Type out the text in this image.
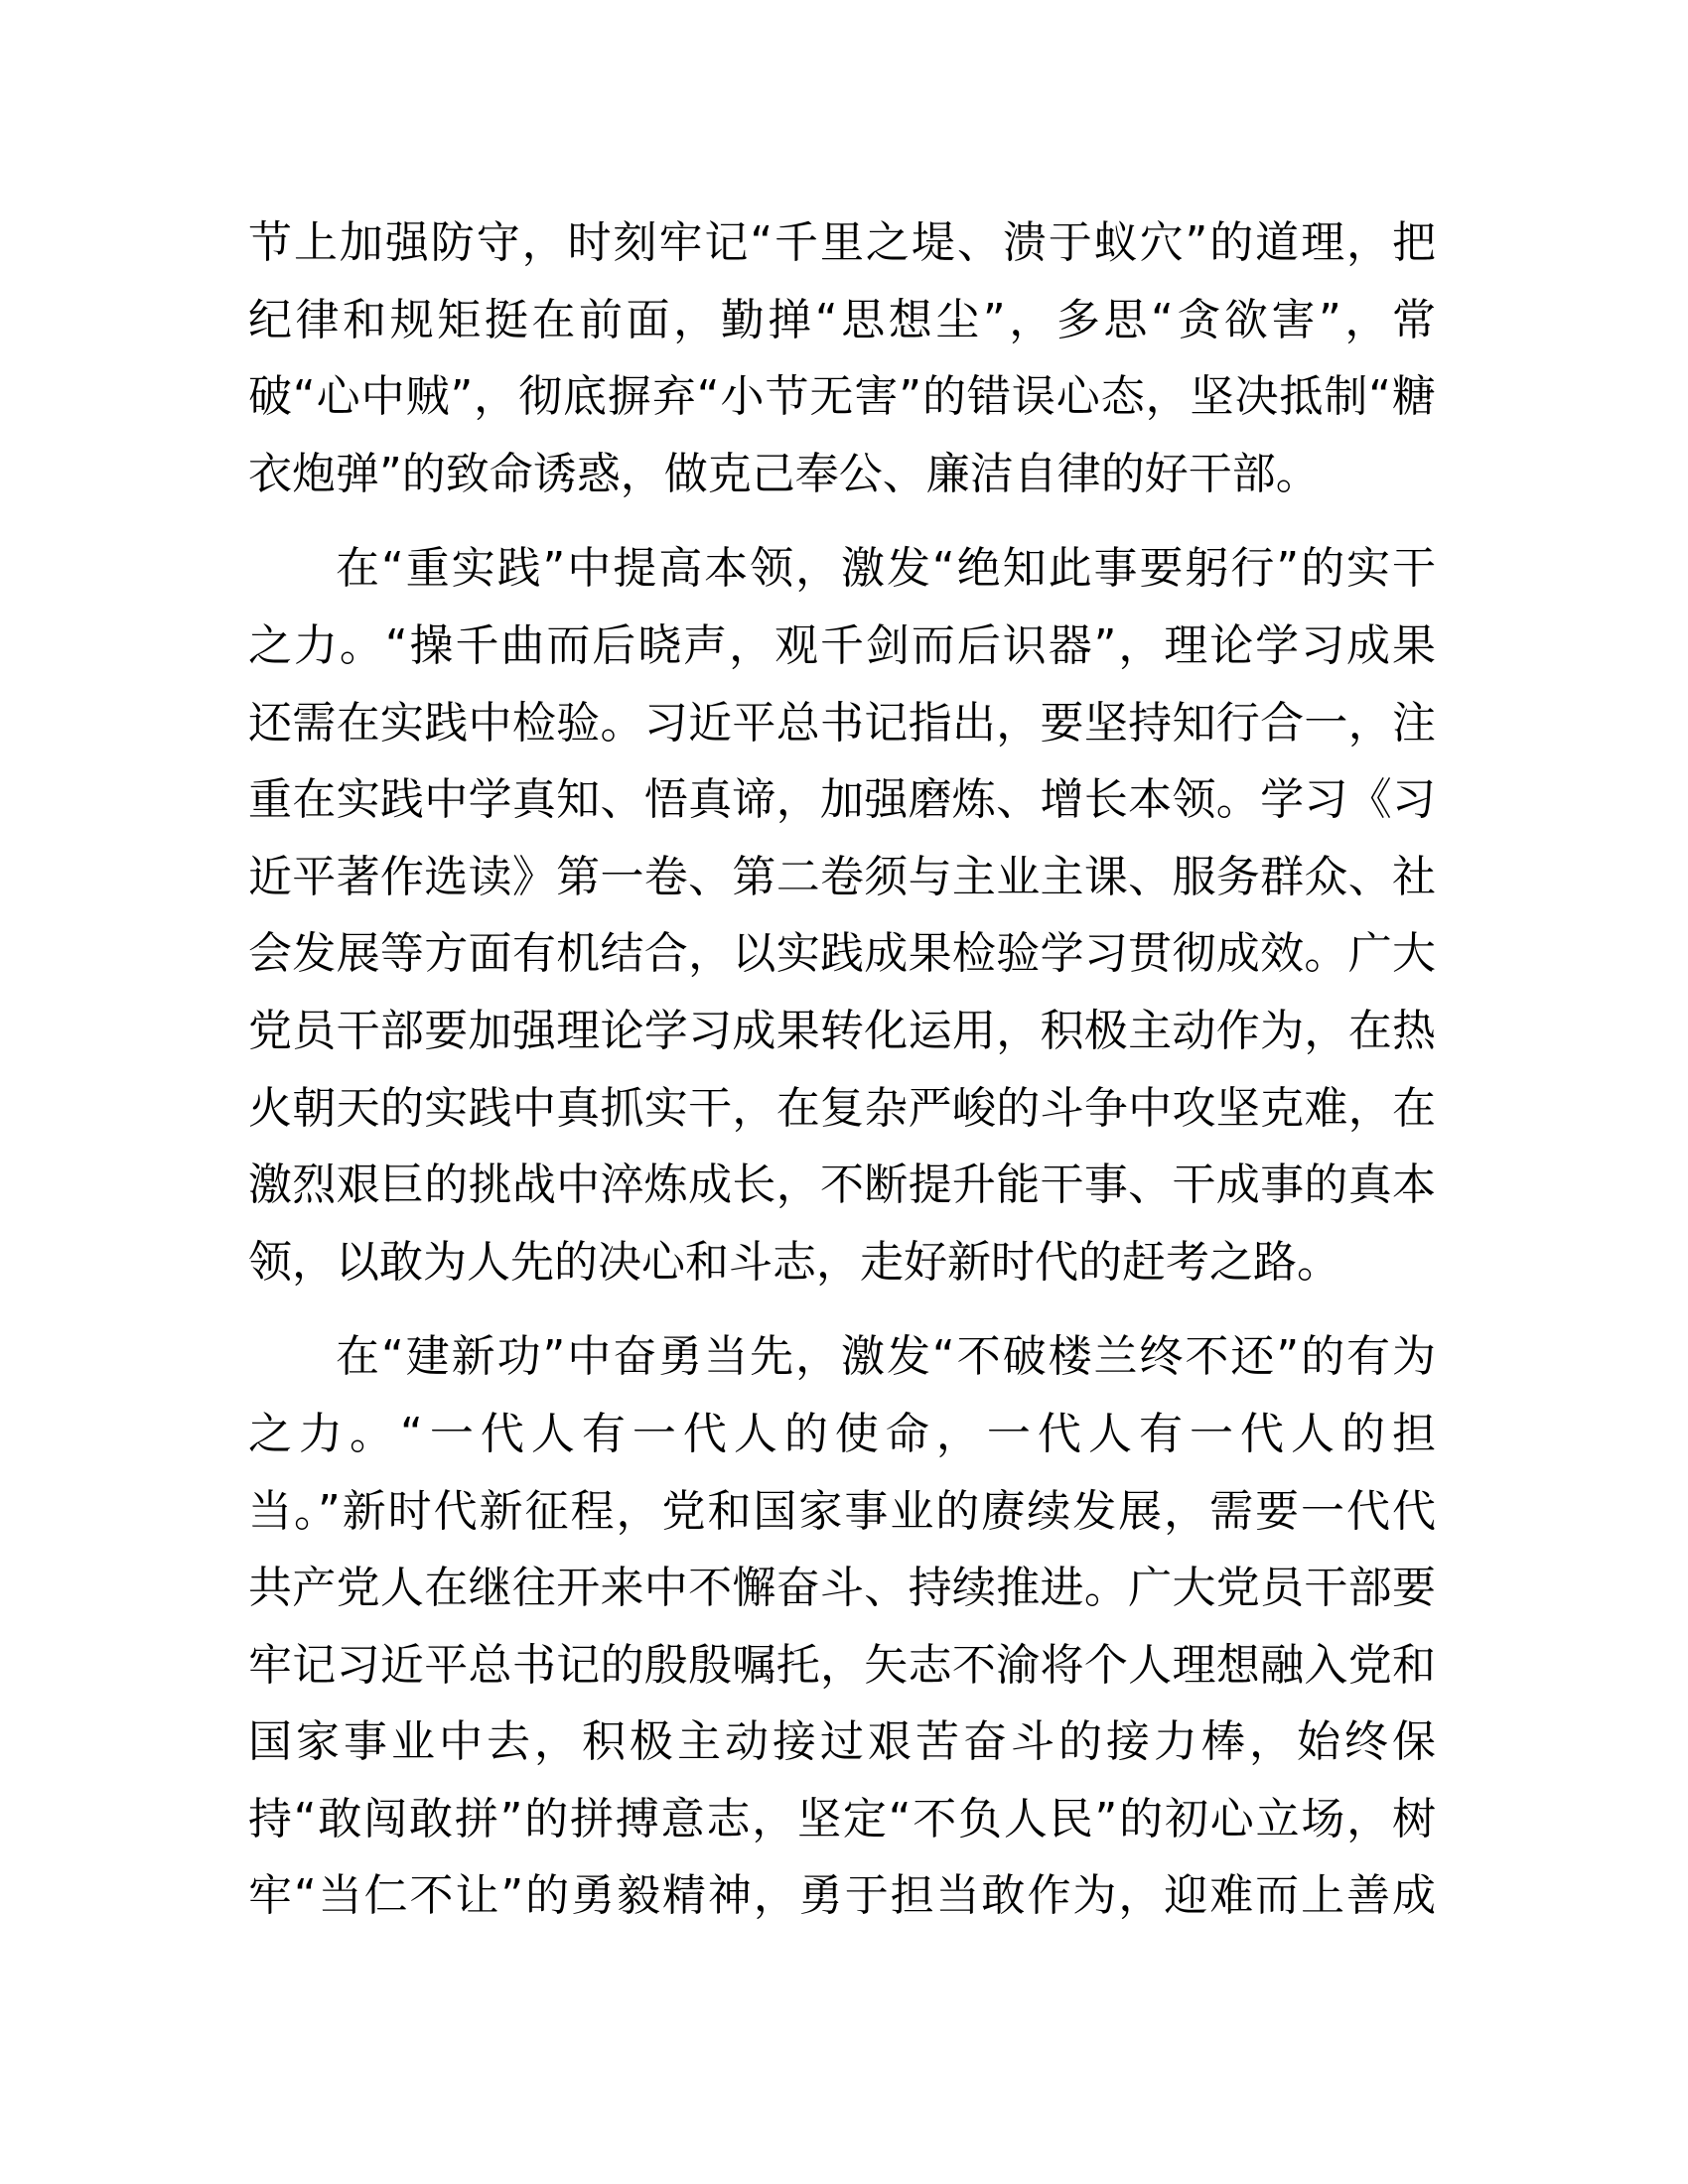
节上加强防守，时刻牢记“千里之堤、溃于蚁穴”的道理，把
纪律和规矩挺在前面，勤掸“思想尘”，多思“贪欲害”，常
破“心中贼”，彻底摒弃“小节无害”的错误心态，坚决抵制“糖
衣炮弹”的致命诱惑，做克己奉公、廉洁自律的好干部。

在“重实践”中提高本领，激发“绝知此事要躬行”的实干
之力。“操千曲而后晓声，观千剑而后识器”，理论学习成果
还需在实践中检验。习近平总书记指出，要坚持知行合一，注
重在实践中学真知、悟真谛，加强磨炼、增长本领。学习《习
近平著作选读》第一卷、第二卷须与主业主课、服务群众、社
会发展等方面有机结合，以实践成果检验学习贯彻成效。广大
党员干部要加强理论学习成果转化运用，积极主动作为，在热
火朝天的实践中真抓实干，在复杂严峻的斗争中攻坚克难，在
激烈艰巨的挑战中淬炼成长，不断提升能干事、干成事的真本
领，以敢为人先的决心和斗志，走好新时代的赶考之路。

在“建新功”中奋勇当先，激发“不破楼兰终不还”的有为
之力。“一代人有一代人的使命，一代人有一代人的担
当。”新时代新征程，党和国家事业的赓续发展，需要一代代
共产党人在继往开来中不懈奋斗、持续推进。广大党员干部要
牢记习近平总书记的殷殷嘱托，矢志不渝将个人理想融入党和
国家事业中去，积极主动接过艰苦奋斗的接力棒，始终保
持“敢闯敢拼”的拼搏意志，坚定“不负人民”的初心立场，树
牢“当仁不让”的勇毅精神，勇于担当敢作为，迎难而上善成
